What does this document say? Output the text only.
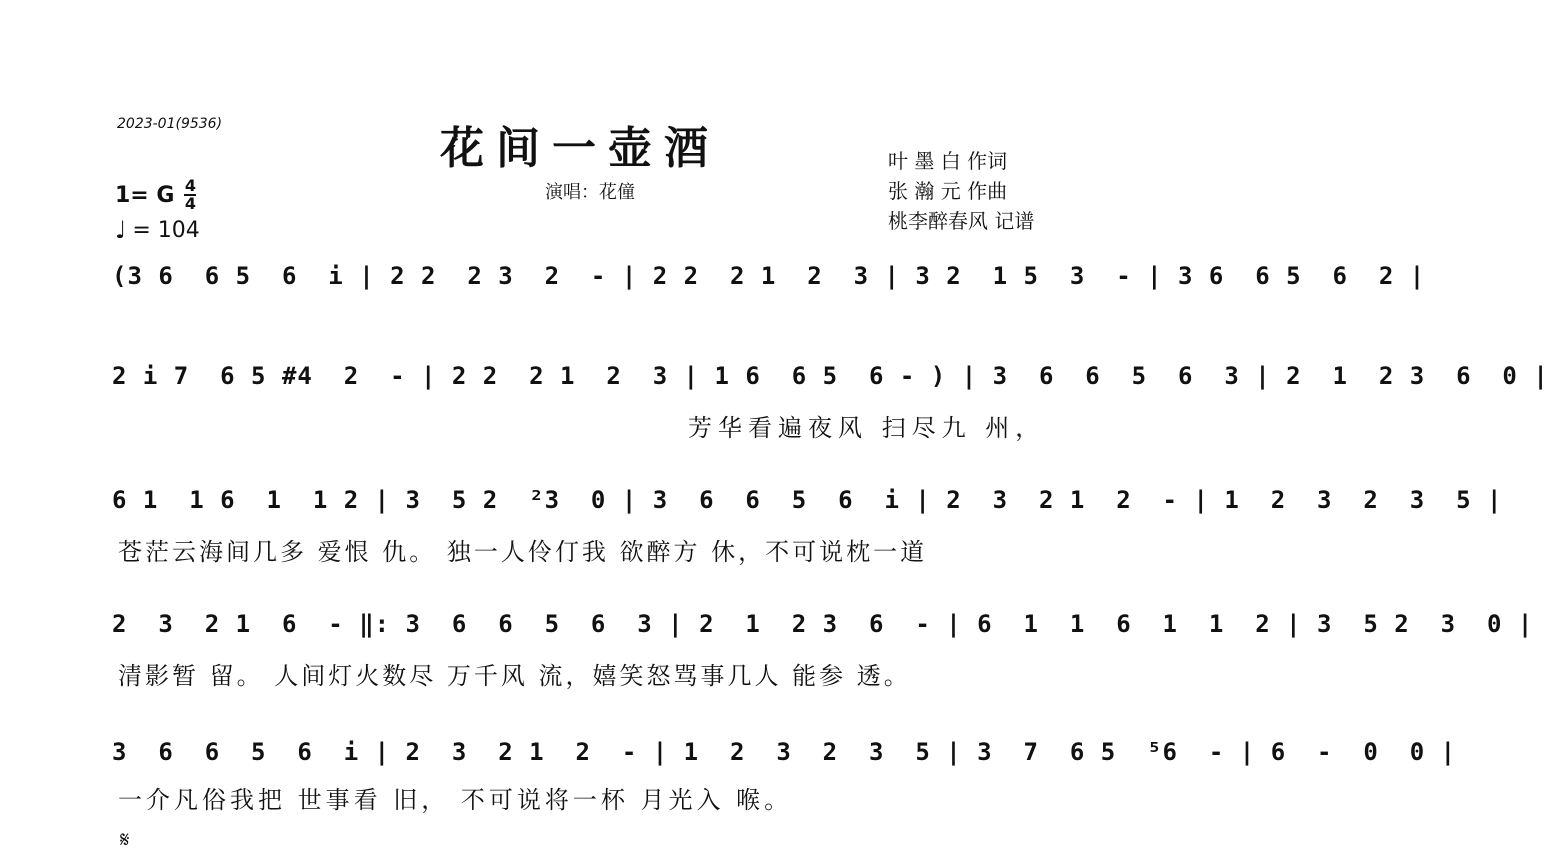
2023-01(9536)	花间一壶酒
演唱：花僮
叶 墨 白 作词
张 瀚 元 作曲
桃李醉春风 记谱
1= G $\frac{4}{4}$
♩ = 104
(3 6  6 5  6  i | 2 2  2 3  2  - | 2 2  2 1  2  3 | 3 2  1 5  3  - | 3 6  6 5  6  2 |
2 i 7  6 5 #4  2  - | 2 2  2 1  2  3 | 1 6  6 5  6 - ) | 3  6  6  5  6  3 | 2  1  2 3  6  0 |
芳华看遍夜风 扫尽九 州，
6 1  1 6  1  1 2 | 3  5 2  ²3  0 | 3  6  6  5  6  i | 2  3  2 1  2  - | 1  2  3  2  3  5 |
苍茫云海间几多 爱恨 仇。 独一人伶仃我 欲醉方 休，不可说枕一道
2  3  2 1  6  - ‖: 3  6  6  5  6  3 | 2  1  2 3  6  - | 6  1  1  6  1  1  2 | 3  5 2  3  0 |
清影暂 留。 人间灯火数尽 万千风 流，嬉笑怒骂事几人 能参 透。
3  6  6  5  6  i | 2  3  2 1  2  - | 1  2  3  2  3  5 | 3  7  6 5  ⁵6  - | 6  -  0  0 |
一介凡俗我把 世事看 旧， 不可说将一杯 月光入 喉。
𝄋
